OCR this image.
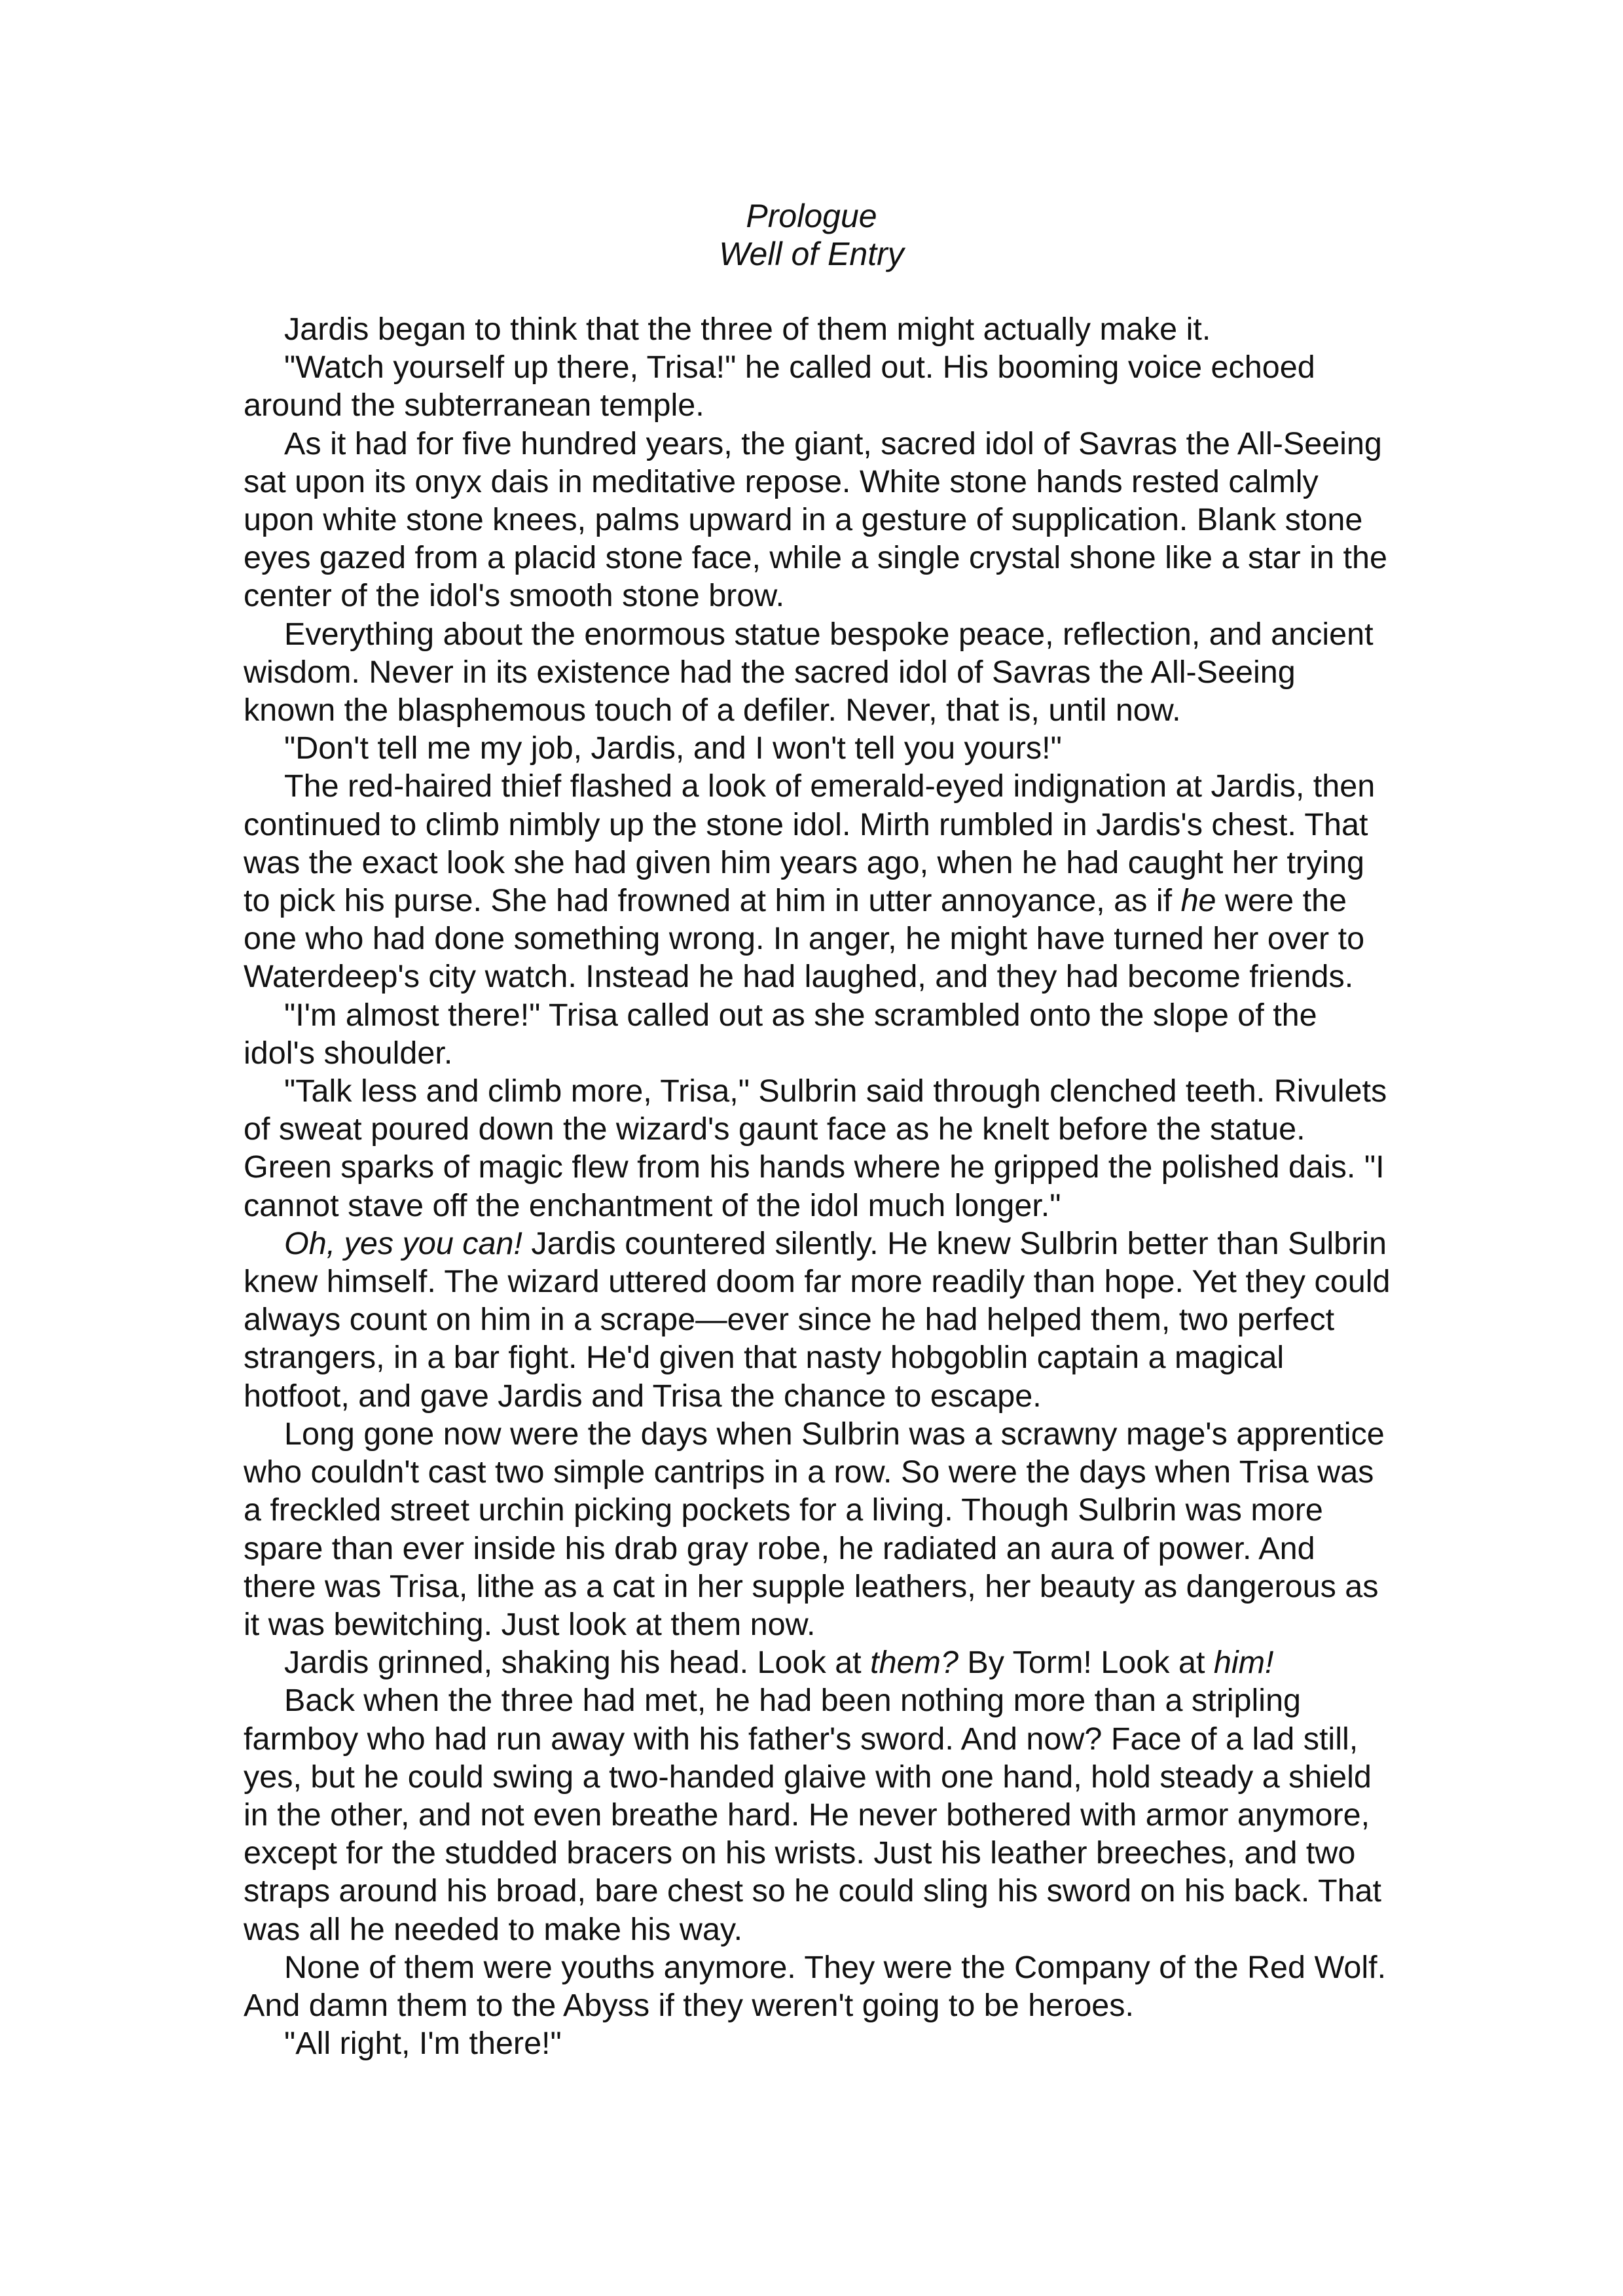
Prologue
Well of Entry

Jardis began to think that the three of them might actually make it.

"Watch yourself up there, Trisa!" he called out. His booming voice echoed around the subterranean temple.

As it had for five hundred years, the giant, sacred idol of Savras the All-Seeing sat upon its onyx dais in meditative repose. White stone hands rested calmly upon white stone knees, palms upward in a gesture of supplication. Blank stone eyes gazed from a placid stone face, while a single crystal shone like a star in the center of the idol's smooth stone brow.

Everything about the enormous statue bespoke peace, reflection, and ancient wisdom. Never in its existence had the sacred idol of Savras the All-Seeing known the blasphemous touch of a defiler. Never, that is, until now.

"Don't tell me my job, Jardis, and I won't tell you yours!"

The red-haired thief flashed a look of emerald-eyed indignation at Jardis, then continued to climb nimbly up the stone idol. Mirth rumbled in Jardis's chest. That was the exact look she had given him years ago, when he had caught her trying to pick his purse. She had frowned at him in utter annoyance, as if he were the one who had done something wrong. In anger, he might have turned her over to Waterdeep's city watch. Instead he had laughed, and they had become friends.

"I'm almost there!" Trisa called out as she scrambled onto the slope of the idol's shoulder.

"Talk less and climb more, Trisa," Sulbrin said through clenched teeth. Rivulets of sweat poured down the wizard's gaunt face as he knelt before the statue. Green sparks of magic flew from his hands where he gripped the polished dais. "I cannot stave off the enchantment of the idol much longer."

Oh, yes you can! Jardis countered silently. He knew Sulbrin better than Sulbrin knew himself. The wizard uttered doom far more readily than hope. Yet they could always count on him in a scrape—ever since he had helped them, two perfect strangers, in a bar fight. He'd given that nasty hobgoblin captain a magical hotfoot, and gave Jardis and Trisa the chance to escape.

Long gone now were the days when Sulbrin was a scrawny mage's apprentice who couldn't cast two simple cantrips in a row. So were the days when Trisa was a freckled street urchin picking pockets for a living. Though Sulbrin was more spare than ever inside his drab gray robe, he radiated an aura of power. And there was Trisa, lithe as a cat in her supple leathers, her beauty as dangerous as it was bewitching. Just look at them now.

Jardis grinned, shaking his head. Look at them? By Torm! Look at him!

Back when the three had met, he had been nothing more than a stripling farmboy who had run away with his father's sword. And now? Face of a lad still, yes, but he could swing a two-handed glaive with one hand, hold steady a shield in the other, and not even breathe hard. He never bothered with armor anymore, except for the studded bracers on his wrists. Just his leather breeches, and two straps around his broad, bare chest so he could sling his sword on his back. That was all he needed to make his way.

None of them were youths anymore. They were the Company of the Red Wolf. And damn them to the Abyss if they weren't going to be heroes.

"All right, I'm there!"
